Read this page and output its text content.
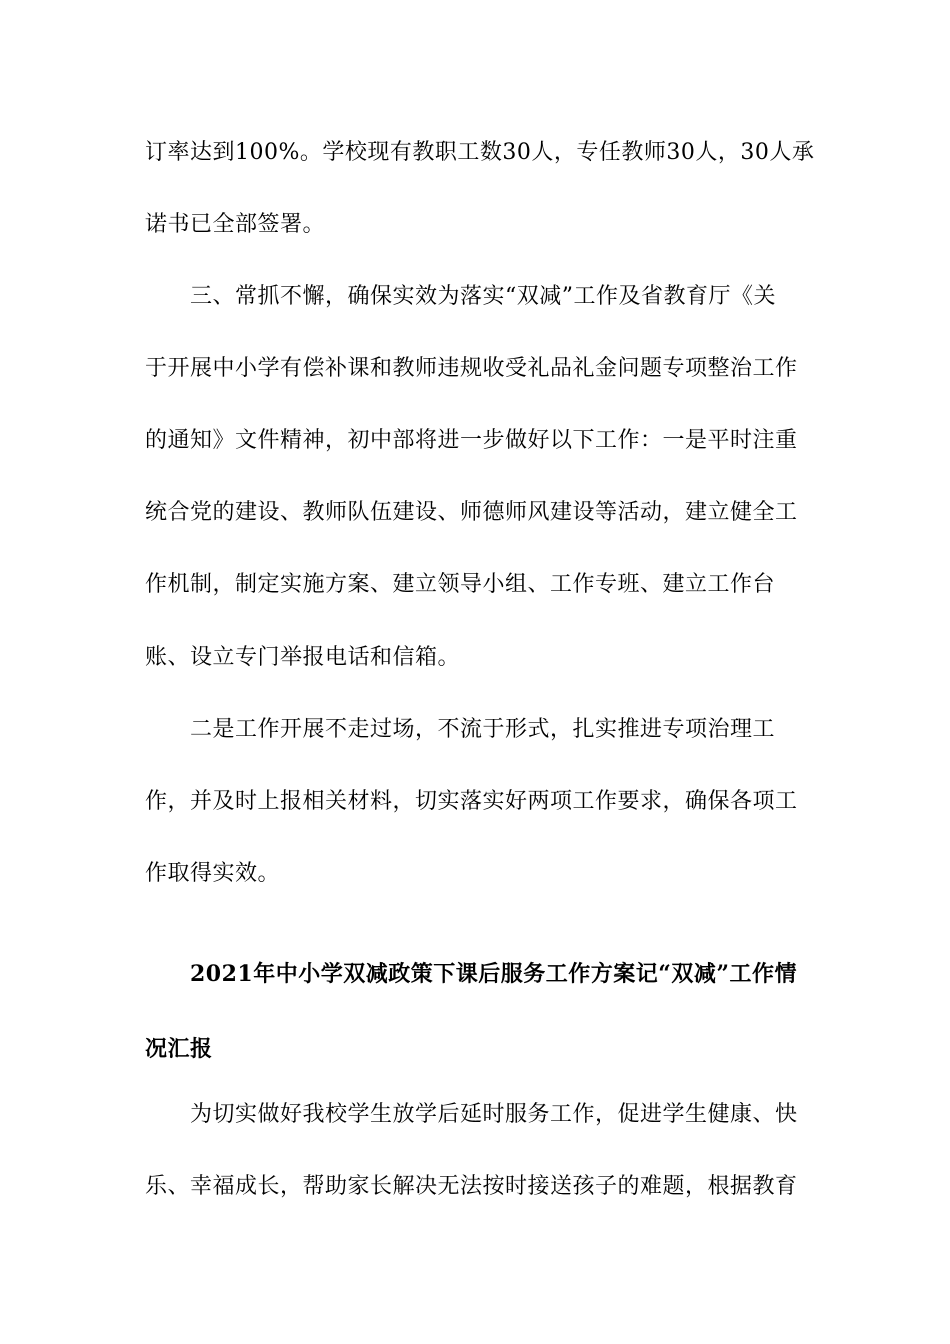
订率达到100%。学校现有教职工数30人，专任教师30人，30人承
诺书已全部签署。
三、常抓不懈，确保实效为落实“双减”工作及省教育厅《关
于开展中小学有偿补课和教师违规收受礼品礼金问题专项整治工作
的通知》文件精神，初中部将进一步做好以下工作：一是平时注重
统合党的建设、教师队伍建设、师德师风建设等活动，建立健全工
作机制，制定实施方案、建立领导小组、工作专班、建立工作台
账、设立专门举报电话和信箱。
二是工作开展不走过场，不流于形式，扎实推进专项治理工
作，并及时上报相关材料，切实落实好两项工作要求，确保各项工
作取得实效。
2021年中小学双减政策下课后服务工作方案记“双减”工作情
况汇报
为切实做好我校学生放学后延时服务工作，促进学生健康、快
乐、幸福成长，帮助家长解决无法按时接送孩子的难题，根据教育
